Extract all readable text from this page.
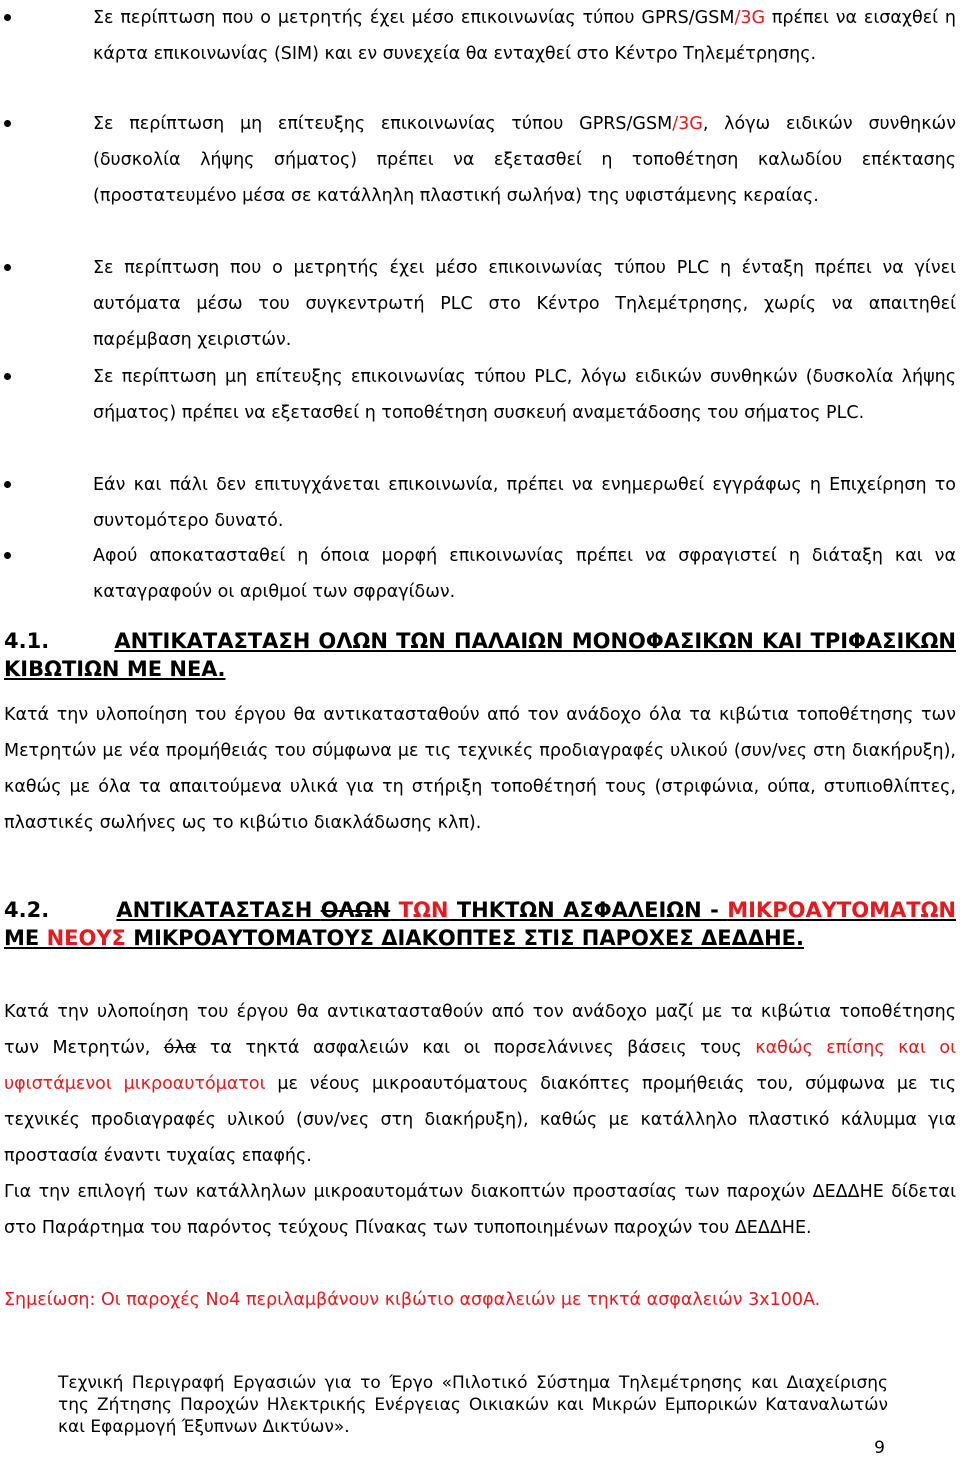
Σε περίπτωση που ο μετρητής έχει μέσο επικοινωνίας τύπου GPRS/GSM/3G πρέπει να εισαχθεί η κάρτα επικοινωνίας (SIM) και εν συνεχεία θα ενταχθεί στο Κέντρο Τηλεμέτρησης.
Σε περίπτωση μη επίτευξης επικοινωνίας τύπου GPRS/GSM/3G, λόγω ειδικών συνθηκών (δυσκολία λήψης σήματος) πρέπει να εξετασθεί η τοποθέτηση καλωδίου επέκτασης (προστατευμένο μέσα σε κατάλληλη πλαστική σωλήνα) της υφιστάμενης κεραίας.
Σε περίπτωση που ο μετρητής έχει μέσο επικοινωνίας τύπου PLC η ένταξη πρέπει να γίνει αυτόματα μέσω του συγκεντρωτή PLC στο Κέντρο Τηλεμέτρησης, χωρίς να απαιτηθεί παρέμβαση χειριστών.
Σε περίπτωση μη επίτευξης επικοινωνίας τύπου PLC, λόγω ειδικών συνθηκών (δυσκολία λήψης σήματος) πρέπει να εξετασθεί η τοποθέτηση συσκευή αναμετάδοσης του σήματος PLC.
Εάν και πάλι δεν επιτυγχάνεται επικοινωνία, πρέπει να ενημερωθεί εγγράφως η Επιχείρηση το συντομότερο δυνατό.
Αφού αποκατασταθεί η όποια μορφή επικοινωνίας πρέπει να σφραγιστεί η διάταξη και να καταγραφούν οι αριθμοί των σφραγίδων.
4.1.	ΑΝΤΙΚΑΤΑΣΤΑΣΗ ΟΛΩΝ ΤΩΝ ΠΑΛΑΙΩΝ ΜΟΝΟΦΑΣΙΚΩΝ ΚΑΙ ΤΡΙΦΑΣΙΚΩΝ ΚΙΒΩΤΙΩΝ ΜΕ ΝΕΑ.

Κατά την υλοποίηση του έργου θα αντικατασταθούν από τον ανάδοχο όλα τα κιβώτια τοποθέτησης των Μετρητών με νέα προμήθειάς του σύμφωνα με τις τεχνικές προδιαγραφές υλικού (συν/νες στη διακήρυξη), καθώς με όλα τα απαιτούμενα υλικά για τη στήριξη τοποθέτησή τους (στριφώνια, ούπα, στυπιοθλίπτες, πλαστικές σωλήνες ως το κιβώτιο διακλάδωσης κλπ).

4.2.	ΑΝΤΙΚΑΤΑΣΤΑΣΗ ΟΛΩΝ ΤΩΝ ΤΗΚΤΩΝ ΑΣΦΑΛΕΙΩΝ - ΜΙΚΡΟΑΥΤΟΜΑΤΩΝ ΜΕ ΝΕΟΥΣ ΜΙΚΡΟΑΥΤΟΜΑΤΟΥΣ ΔΙΑΚΟΠΤΕΣ ΣΤΙΣ ΠΑΡΟΧΕΣ ΔΕΔΔΗΕ.

Κατά την υλοποίηση του έργου θα αντικατασταθούν από τον ανάδοχο μαζί με τα κιβώτια τοποθέτησης των Μετρητών, όλα τα τηκτά ασφαλειών και οι πορσελάνινες βάσεις τους καθώς επίσης και οι υφιστάμενοι μικροαυτόματοι με νέους μικροαυτόματους διακόπτες προμήθειάς του, σύμφωνα με τις τεχνικές προδιαγραφές υλικού (συν/νες στη διακήρυξη), καθώς με κατάλληλο πλαστικό κάλυμμα για προστασία έναντι τυχαίας επαφής.

Για την επιλογή των κατάλληλων μικροαυτομάτων διακοπτών προστασίας των παροχών ΔΕΔΔΗΕ δίδεται στο Παράρτημα του παρόντος τεύχους Πίνακας των τυποποιημένων παροχών του ΔΕΔΔΗΕ.

Σημείωση: Οι παροχές Νο4 περιλαμβάνουν κιβώτιο ασφαλειών με τηκτά ασφαλειών 3x100A.

Τεχνική Περιγραφή Εργασιών για το Έργο «Πιλοτικό Σύστημα Τηλεμέτρησης και Διαχείρισης της Ζήτησης Παροχών Ηλεκτρικής Ενέργειας Οικιακών και Μικρών Εμπορικών Καταναλωτών και Εφαρμογή Έξυπνων Δικτύων».
9
